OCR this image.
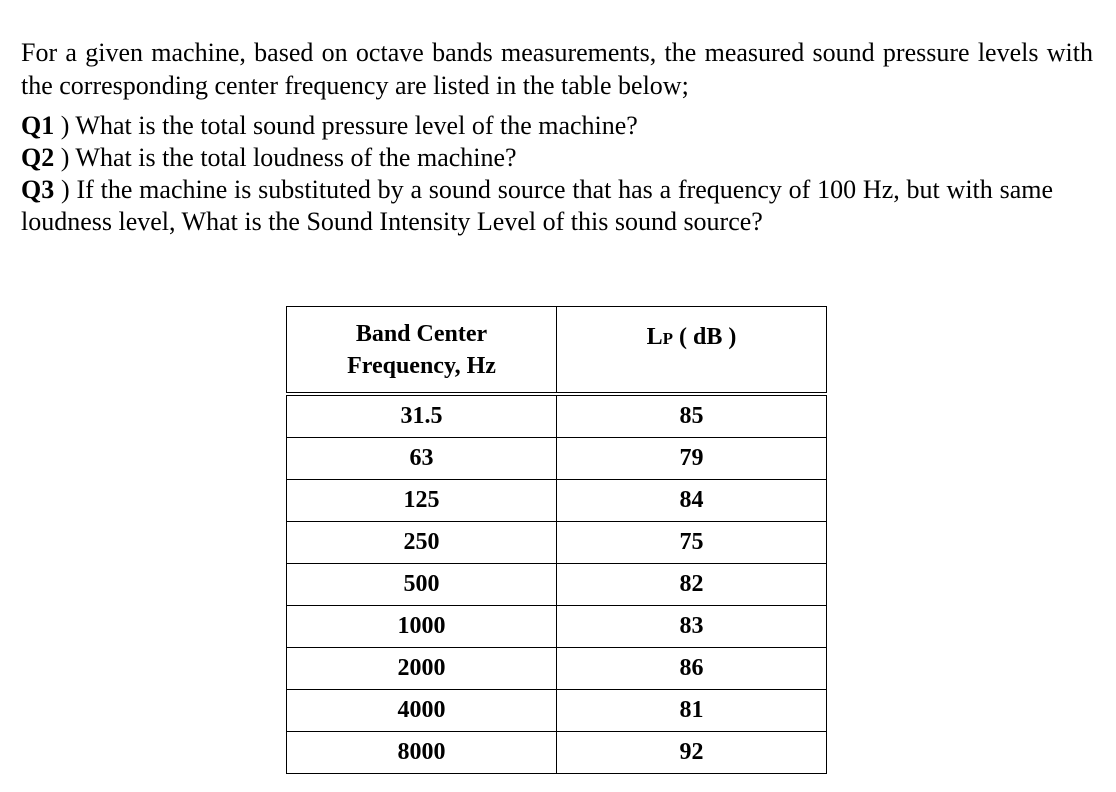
For a given machine, based on octave bands measurements, the measured sound pressure levels with the corresponding center frequency are listed in the table below;

Q1 ) What is the total sound pressure level of the machine?

Q2 ) What is the total loudness of the machine?

Q3 ) If the machine is substituted by a sound source that has a frequency of 100 Hz, but with same loudness level, What is the Sound Intensity Level of this sound source?

Band Center
Frequency, Hz	LP ( dB )
31.5	85
63	79
125	84
250	75
500	82
1000	83
2000	86
4000	81
8000	92
